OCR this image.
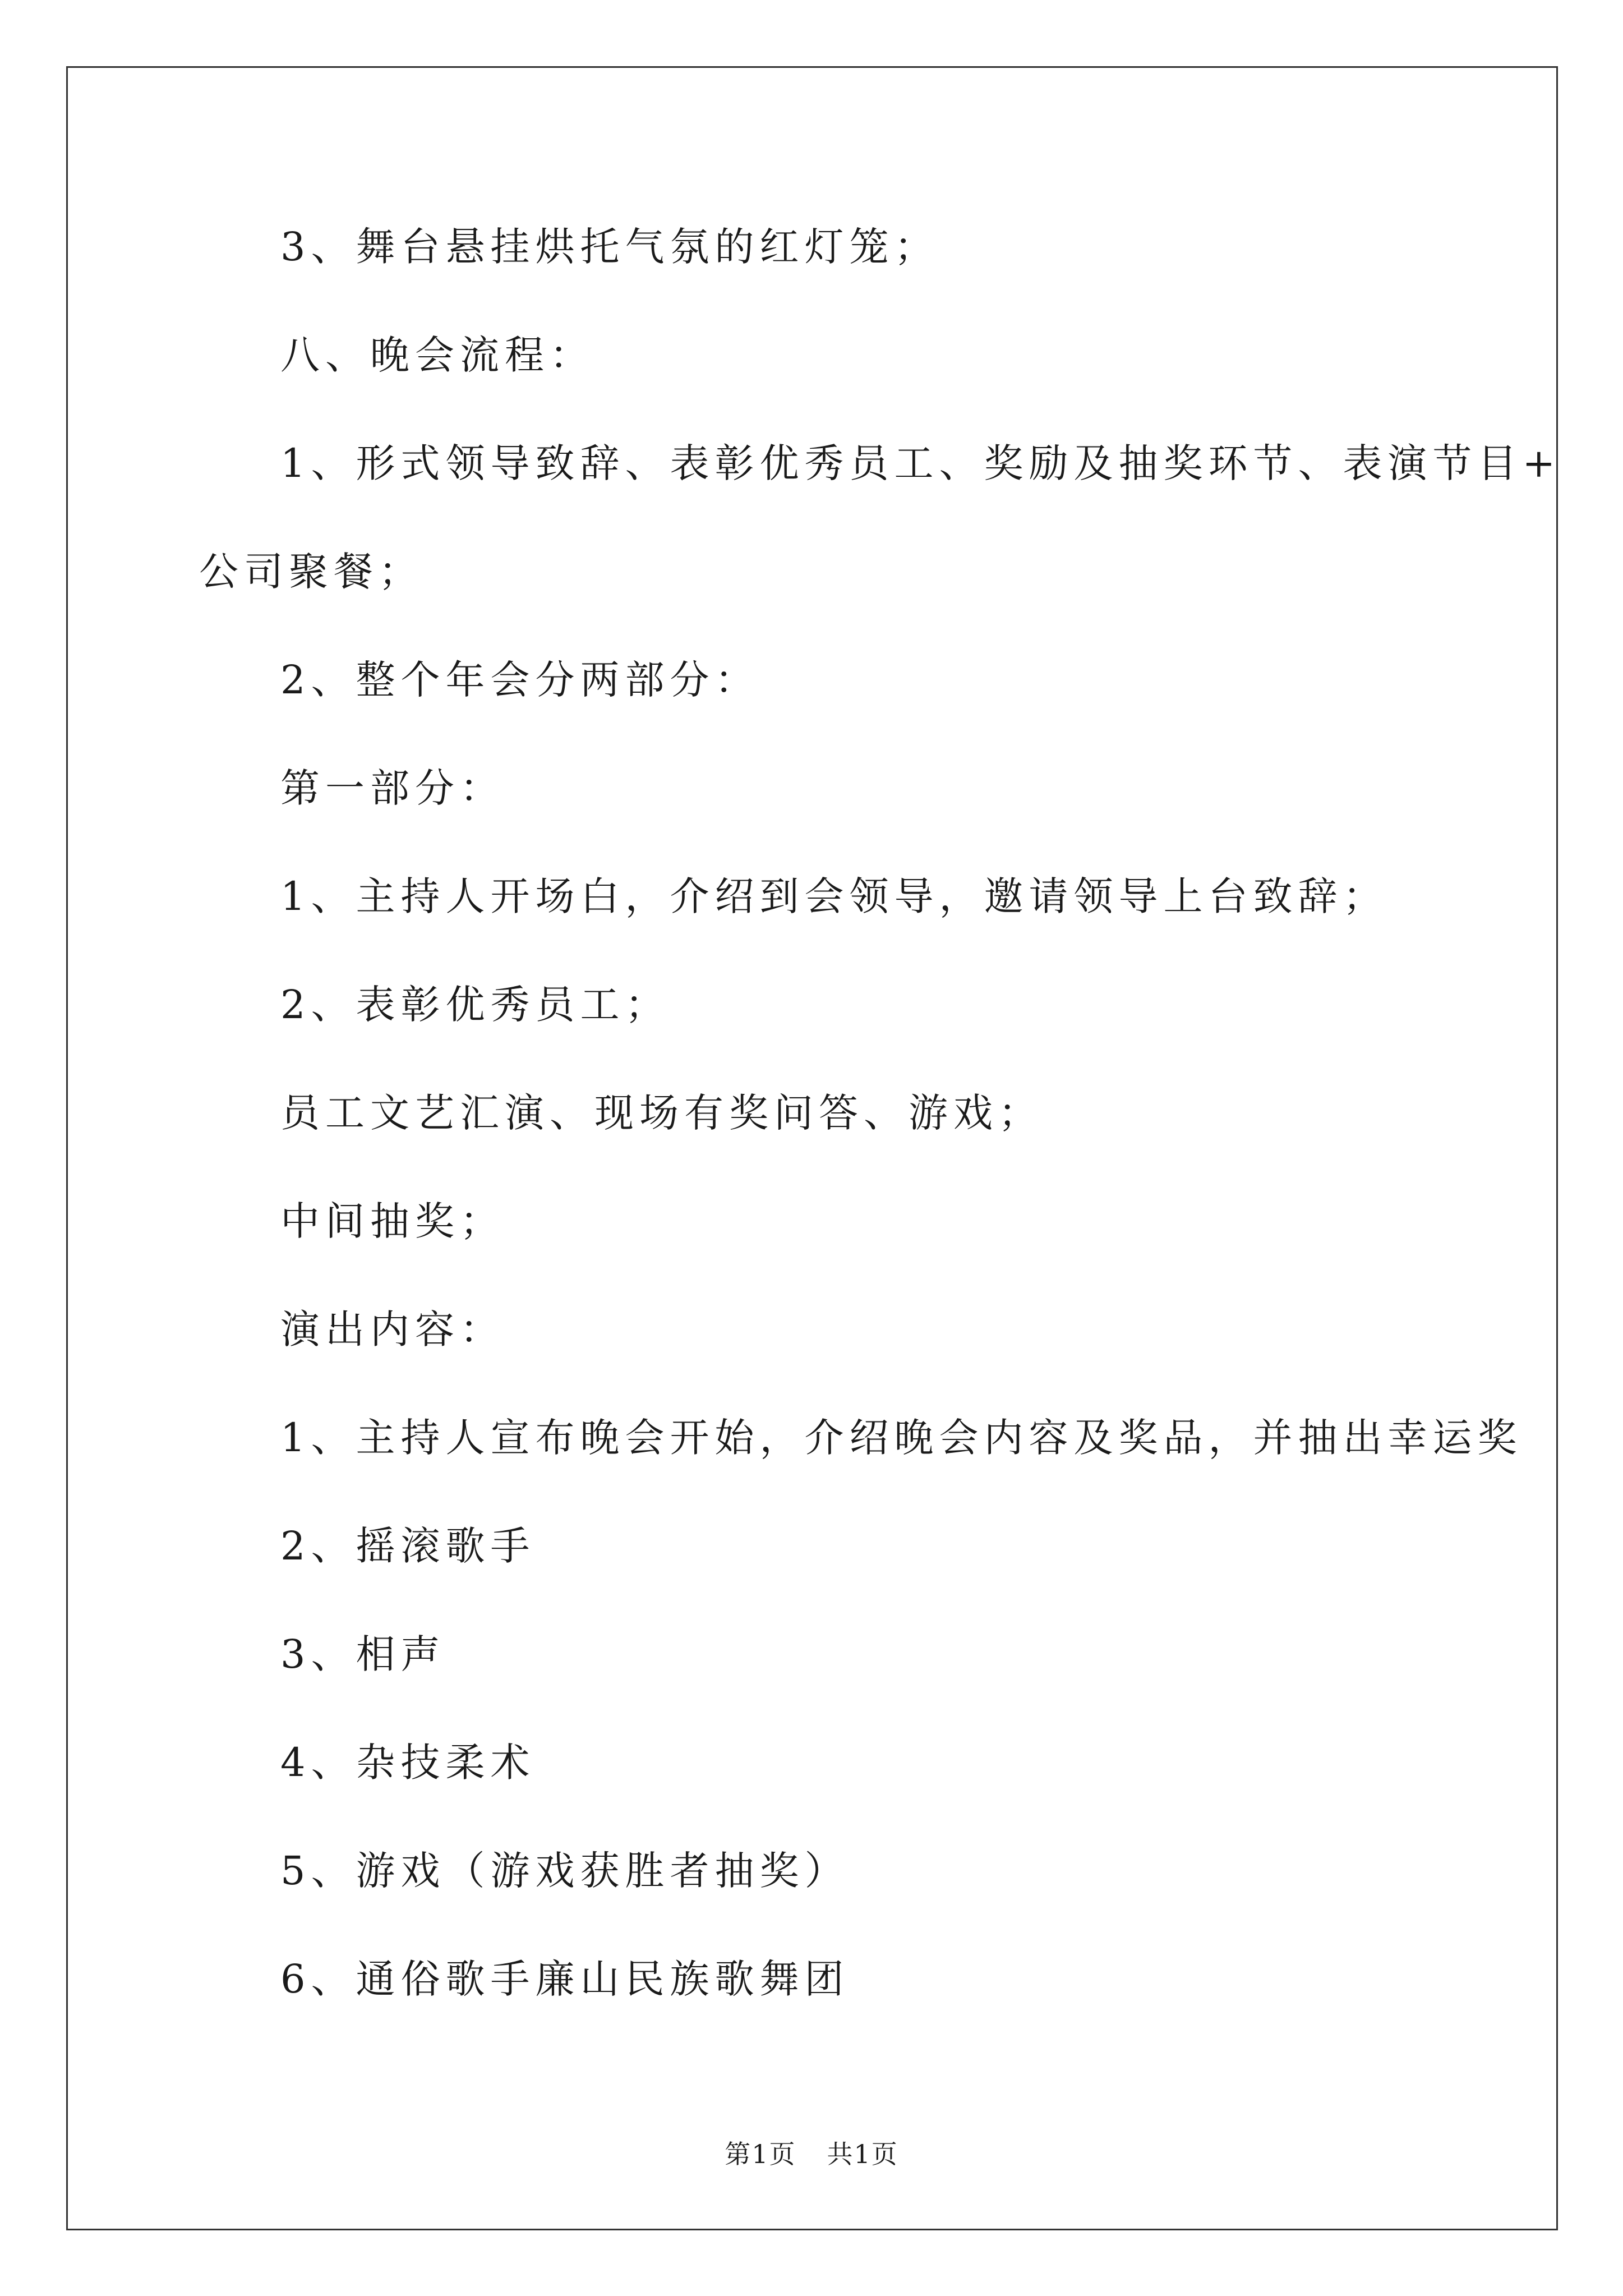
3、舞台悬挂烘托气氛的红灯笼；

八、晚会流程：

1、形式领导致辞、表彰优秀员工、奖励及抽奖环节、表演节目+
公司聚餐；

2、整个年会分两部分：

第一部分：

1、主持人开场白，介绍到会领导，邀请领导上台致辞；

2、表彰优秀员工；

员工文艺汇演、现场有奖问答、游戏；

中间抽奖；

演出内容：

1、主持人宣布晚会开始，介绍晚会内容及奖品，并抽出幸运奖

2、摇滚歌手

3、相声

4、杂技柔术

5、游戏（游戏获胜者抽奖）

6、通俗歌手廉山民族歌舞团

第1页 共1页
